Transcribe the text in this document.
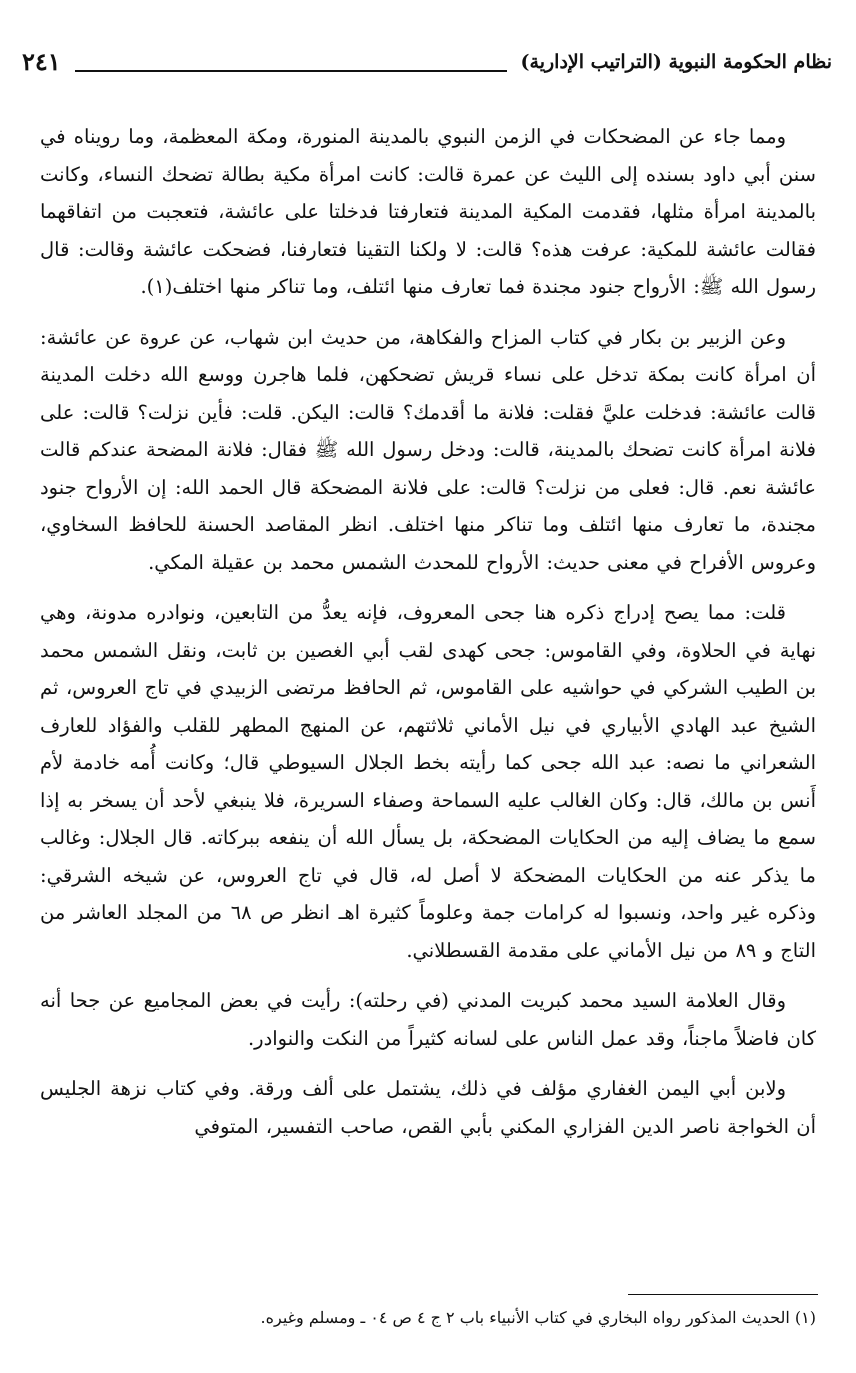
نظام الحكومة النبوية (التراتيب الإدارية)
٢٤١

ومما جاء عن المضحكات في الزمن النبوي بالمدينة المنورة، ومكة المعظمة، وما رويناه في سنن أبي داود بسنده إلى الليث عن عمرة قالت: كانت امرأة مكية بطالة تضحك النساء، وكانت بالمدينة امرأة مثلها، فقدمت المكية المدينة فتعارفتا فدخلتا على عائشة، فتعجبت من اتفاقهما فقالت عائشة للمكية: عرفت هذه؟ قالت: لا ولكنا التقينا فتعارفنا، فضحكت عائشة وقالت: قال رسول الله ﷺ: الأرواح جنود مجندة فما تعارف منها ائتلف، وما تناكر منها اختلف(١).

وعن الزبير بن بكار في كتاب المزاح والفكاهة، من حديث ابن شهاب، عن عروة عن عائشة: أن امرأة كانت بمكة تدخل على نساء قريش تضحكهن، فلما هاجرن ووسع الله دخلت المدينة قالت عائشة: فدخلت عليَّ فقلت: فلانة ما أقدمك؟ قالت: اليكن. قلت: فأين نزلت؟ قالت: على فلانة امرأة كانت تضحك بالمدينة، قالت: ودخل رسول الله ﷺ فقال: فلانة المضحة عندكم قالت عائشة نعم. قال: فعلى من نزلت؟ قالت: على فلانة المضحكة قال الحمد الله: إن الأرواح جنود مجندة، ما تعارف منها ائتلف وما تناكر منها اختلف. انظر المقاصد الحسنة للحافظ السخاوي، وعروس الأفراح في معنى حديث: الأرواح للمحدث الشمس محمد بن عقيلة المكي.

قلت: مما يصح إدراج ذكره هنا جحى المعروف، فإنه يعدُّ من التابعين، ونوادره مدونة، وهي نهاية في الحلاوة، وفي القاموس: جحى كهدى لقب أبي الغصين بن ثابت، ونقل الشمس محمد بن الطيب الشركي في حواشيه على القاموس، ثم الحافظ مرتضى الزبيدي في تاج العروس، ثم الشيخ عبد الهادي الأبياري في نيل الأماني ثلاثتهم، عن المنهج المطهر للقلب والفؤاد للعارف الشعراني ما نصه: عبد الله جحى كما رأيته بخط الجلال السيوطي قال؛ وكانت أُمه خادمة لأم أَنس بن مالك، قال: وكان الغالب عليه السماحة وصفاء السريرة، فلا ينبغي لأحد أن يسخر به إذا سمع ما يضاف إليه من الحكايات المضحكة، بل يسأل الله أن ينفعه ببركاته. قال الجلال: وغالب ما يذكر عنه من الحكايات المضحكة لا أصل له، قال في تاج العروس، عن شيخه الشرقي: وذكره غير واحد، ونسبوا له كرامات جمة وعلوماً كثيرة اهـ انظر ص ٦٨ من المجلد العاشر من التاج و ٨٩ من نيل الأماني على مقدمة القسطلاني.

وقال العلامة السيد محمد كبريت المدني (في رحلته): رأيت في بعض المجاميع عن جحا أنه كان فاضلاً ماجناً، وقد عمل الناس على لسانه كثيراً من النكت والنوادر.

ولابن أبي اليمن الغفاري مؤلف في ذلك، يشتمل على ألف ورقة. وفي كتاب نزهة الجليس أن الخواجة ناصر الدين الفزاري المكني بأبي القص، صاحب التفسير، المتوفي

(١) الحديث المذكور رواه البخاري في كتاب الأنبياء باب ٢ ج ٤ ص ٠٤ ـ ومسلم وغيره.
